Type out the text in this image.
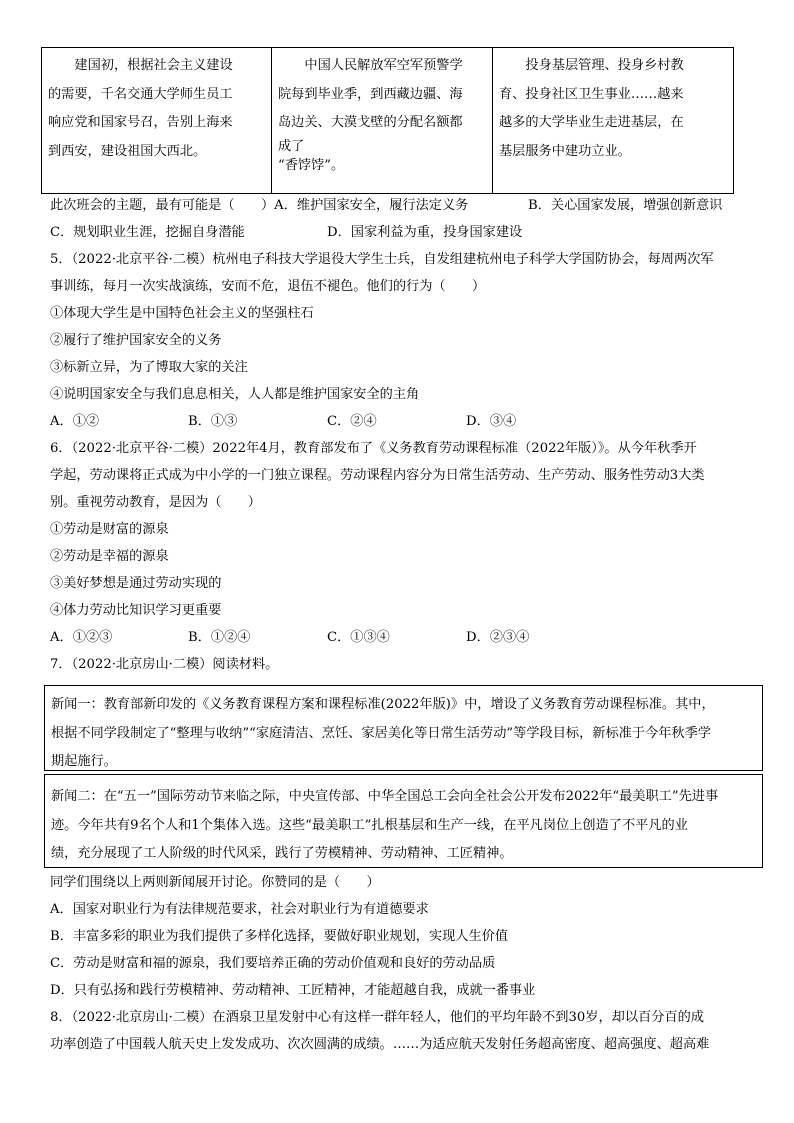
建国初，根据社会主义建设
的需要，千名交通大学师生员工
响应党和国家号召，告别上海来
到西安，建设祖国大西北。

中国人民解放军空军预警学
院每到毕业季，到西藏边疆、海
岛边关、大漠戈壁的分配名额都
成了
“香饽饽”。

投身基层管理、投身乡村教
育、投身社区卫生事业……越来
越多的大学毕业生走进基层，在
基层服务中建功立业。
此次班会的主题，最有可能是（　　）A．维护国家安全，履行法定义务	B．关心国家发展，增强创新意识
C．规划职业生涯，挖掘自身潜能	D．国家利益为重，投身国家建设
5．（2022·北京平谷·二模）杭州电子科技大学退役大学生士兵，自发组建杭州电子科学大学国防协会，每周两次军
事训练，每月一次实战演练，安而不危，退伍不褪色。他们的行为（　　）
①体现大学生是中国特色社会主义的坚强柱石
②履行了维护国家安全的义务
③标新立异，为了博取大家的关注
④说明国家安全与我们息息相关，人人都是维护国家安全的主角
A．①②	B．①③	C．②④	D．③④
6．（2022·北京平谷·二模）2022年4月，教育部发布了《义务教育劳动课程标准（2022年版）》。从今年秋季开
学起，劳动课将正式成为中小学的一门独立课程。劳动课程内容分为日常生活劳动、生产劳动、服务性劳动3大类
别。重视劳动教育，是因为（　　）
①劳动是财富的源泉
②劳动是幸福的源泉
③美好梦想是通过劳动实现的
④体力劳动比知识学习更重要
A．①②③	B．①②④	C．①③④	D．②③④
7．（2022·北京房山·二模）阅读材料。
新闻一：教育部新印发的《义务教育课程方案和课程标准(2022年版)》中，增设了义务教育劳动课程标准。其中，
根据不同学段制定了“整理与收纳”“家庭清洁、烹饪、家居美化等日常生活劳动”等学段目标，新标准于今年秋季学
期起施行。
新闻二：在“五一”国际劳动节来临之际，中央宣传部、中华全国总工会向全社会公开发布2022年“最美职工”先进事
迹。今年共有9名个人和1个集体入选。这些“最美职工”扎根基层和生产一线，在平凡岗位上创造了不平凡的业
绩，充分展现了工人阶级的时代风采，践行了劳模精神、劳动精神、工匠精神。
同学们围绕以上两则新闻展开讨论。你赞同的是（　　）
A．国家对职业行为有法律规范要求，社会对职业行为有道德要求
B．丰富多彩的职业为我们提供了多样化选择，要做好职业规划，实现人生价值
C．劳动是财富和福的源泉，我们要培养正确的劳动价值观和良好的劳动品质
D．只有弘扬和践行劳模精神、劳动精神、工匠精神，才能超越自我，成就一番事业
8．（2022·北京房山·二模）在酒泉卫星发射中心有这样一群年轻人，他们的平均年龄不到30岁，却以百分百的成
功率创造了中国载人航天史上发发成功、次次圆满的成绩。……为适应航天发射任务超高密度、超高强度、超高难
